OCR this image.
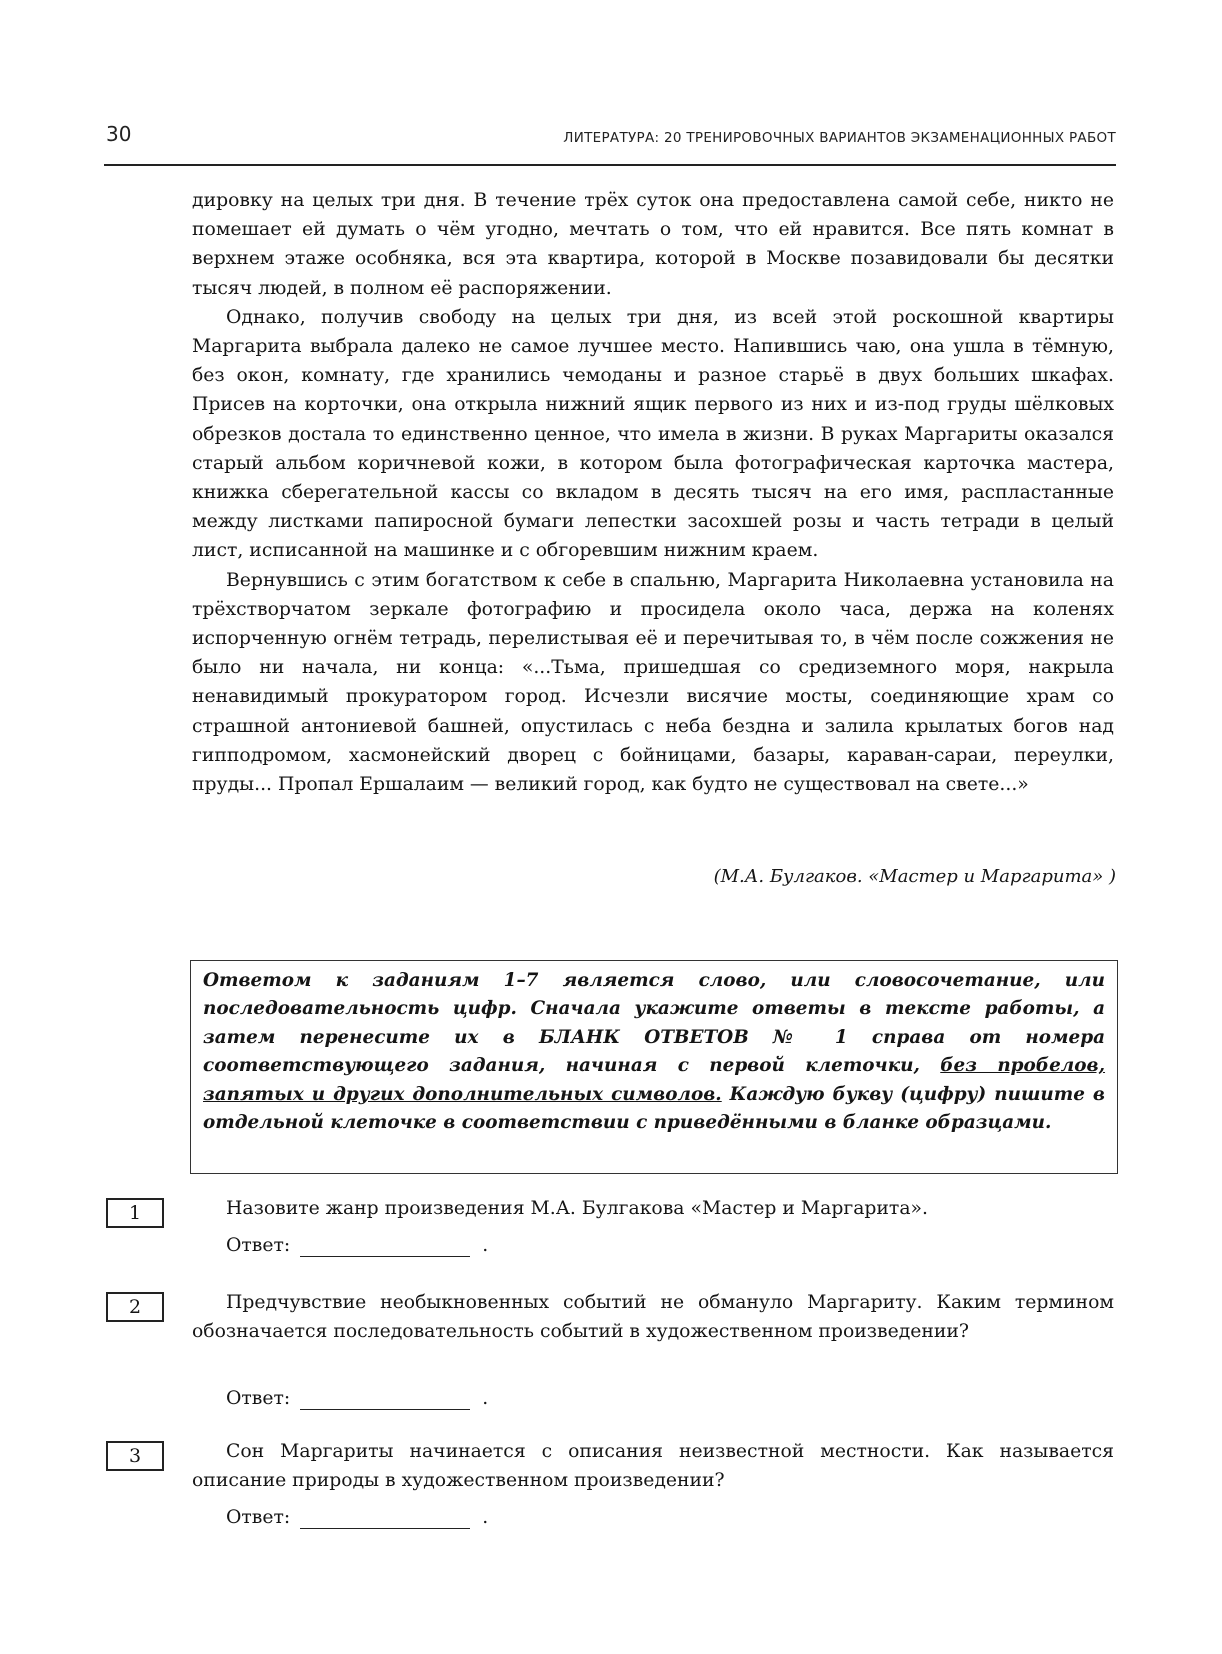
30	ЛИТЕРАТУРА: 20 ТРЕНИРОВОЧНЫХ ВАРИАНТОВ ЭКЗАМЕНАЦИОННЫХ РАБОТ

дировку на целых три дня. В течение трёх суток она предоставлена самой себе, никто не помешает ей думать о чём угодно, мечтать о том, что ей нравится. Все пять комнат в верхнем этаже особняка, вся эта квартира, которой в Москве позавидовали бы десятки тысяч людей, в полном её распоряжении.

Однако, получив свободу на целых три дня, из всей этой роскошной квартиры Маргарита выбрала далеко не самое лучшее место. Напившись чаю, она ушла в тёмную, без окон, комнату, где хранились чемоданы и разное старьё в двух больших шкафах. Присев на корточки, она открыла нижний ящик первого из них и из-под груды шёлковых обрезков достала то единственно ценное, что имела в жизни. В руках Маргариты оказался старый альбом коричневой кожи, в котором была фотографическая карточка мастера, книжка сберегательной кассы со вкладом в десять тысяч на его имя, распластанные между листками папиросной бумаги лепестки засохшей розы и часть тетради в целый лист, исписанной на машинке и с обгоревшим нижним краем.

Вернувшись с этим богатством к себе в спальню, Маргарита Николаевна установила на трёхстворчатом зеркале фотографию и просидела около часа, держа на коленях испорченную огнём тетрадь, перелистывая её и перечитывая то, в чём после сожжения не было ни начала, ни конца: «...Тьма, пришедшая со средиземного моря, накрыла ненавидимый прокуратором город. Исчезли висячие мосты, соединяющие храм со страшной антониевой башней, опустилась с неба бездна и залила крылатых богов над гипподромом, хасмонейский дворец с бойницами, базары, караван-сараи, переулки, пруды... Пропал Ершалаим — великий город, как будто не существовал на свете...»

(М.А. Булгаков. «Мастер и Маргарита» )
Ответом к заданиям 1–7 является слово, или словосочетание, или последовательность цифр. Сначала укажите ответы в тексте работы, а затем перенесите их в БЛАНК ОТВЕТОВ № 1 справа от номера соответствующего задания, начиная с первой клеточки, без пробелов, запятых и других дополнительных символов. Каждую букву (цифру) пишите в отдельной клеточке в соответствии с приведёнными в бланке образцами.
1	Назовите жанр произведения М.А. Булгакова «Мастер и Маргарита».

Ответ:	.
2	Предчувствие необыкновенных событий не обмануло Маргариту. Каким термином обозначается последовательность событий в художественном произведении?

Ответ:	.
3	Сон Маргариты начинается с описания неизвестной местности. Как называется описание природы в художественном произведении?

Ответ:	.
